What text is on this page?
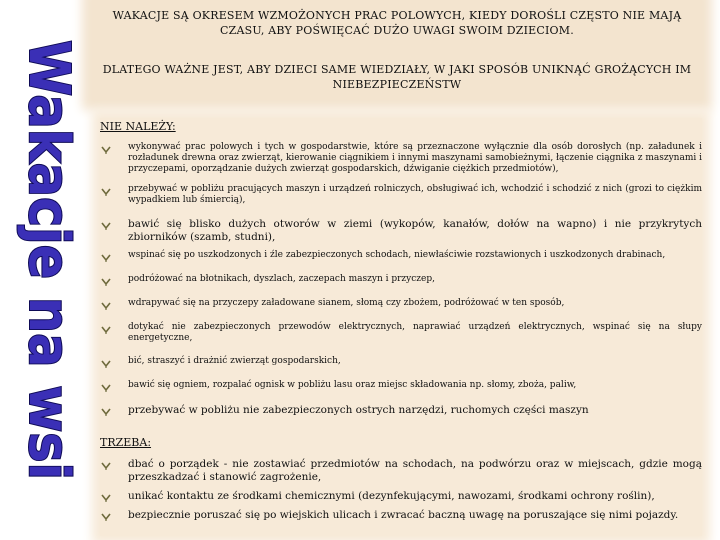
Wakacje na wsi

WAKACJE SĄ OKRESEM WZMOŻONYCH PRAC POLOWYCH, KIEDY DOROŚLI CZĘSTO NIE MAJĄ CZASU, ABY POŚWIĘCAĆ DUŻO UWAGI SWOIM DZIECIOM.

DLATEGO WAŻNE JEST, ABY DZIECI SAME WIEDZIAŁY, W JAKI SPOSÓB UNIKNĄĆ GROŻĄCYCH IM NIEBEZPIECZEŃSTW

NIE NALEŻY:

wykonywać prac polowych i tych w gospodarstwie, które są przeznaczone wyłącznie dla osób dorosłych (np. załadunek i rozładunek drewna oraz zwierząt, kierowanie ciągnikiem i innymi maszynami samobieżnymi, łączenie ciągnika z maszynami i przyczepami, oporządzanie dużych zwierząt gospodarskich, dźwiganie ciężkich przedmiotów),
przebywać w pobliżu pracujących maszyn i urządzeń rolniczych, obsługiwać ich, wchodzić i schodzić z nich (grozi to ciężkim wypadkiem lub śmiercią),
bawić się blisko dużych otworów w ziemi (wykopów, kanałów, dołów na wapno) i nie przykrytych zbiorników (szamb, studni),
wspinać się po uszkodzonych i źle zabezpieczonych schodach, niewłaściwie rozstawionych i uszkodzonych drabinach,
podróżować na błotnikach, dyszlach, zaczepach maszyn i przyczep,
wdrapywać się na przyczepy załadowane sianem, słomą czy zbożem, podróżować w ten sposób,
dotykać nie zabezpieczonych przewodów elektrycznych, naprawiać urządzeń elektrycznych, wspinać się na słupy energetyczne,
bić, straszyć i drażnić zwierząt gospodarskich,
bawić się ogniem, rozpalać ognisk w pobliżu lasu oraz miejsc składowania np. słomy, zboża, paliw,
przebywać w pobliżu nie zabezpieczonych ostrych narzędzi, ruchomych części maszyn

TRZEBA:

dbać o porządek - nie zostawiać przedmiotów na schodach, na podwórzu oraz w miejscach, gdzie mogą przeszkadzać i stanowić zagrożenie,
unikać kontaktu ze środkami chemicznymi (dezynfekującymi, nawozami, środkami ochrony roślin),
bezpiecznie poruszać się po wiejskich ulicach i zwracać baczną uwagę na poruszające się nimi pojazdy.
